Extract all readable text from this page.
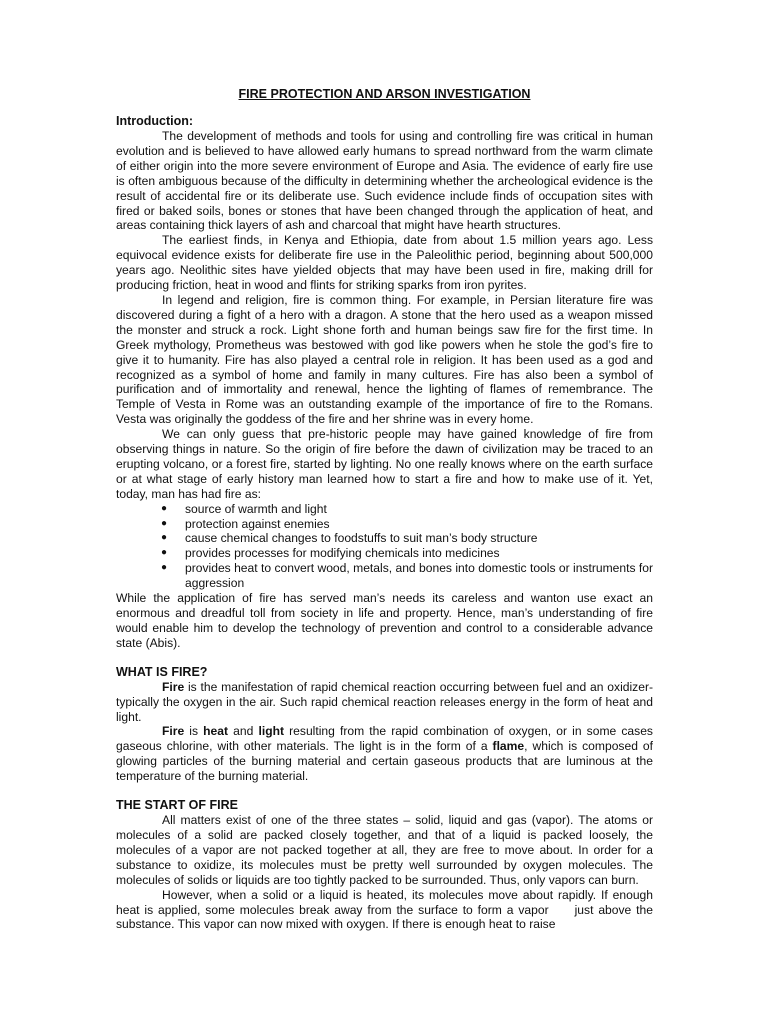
FIRE PROTECTION AND ARSON INVESTIGATION
Introduction:

The development of methods and tools for using and controlling fire was critical in human evolution and is believed to have allowed early humans to spread northward from the warm climate of either origin into the more severe environment of Europe and Asia. The evidence of early fire use is often ambiguous because of the difficulty in determining whether the archeological evidence is the result of accidental fire or its deliberate use. Such evidence include finds of occupation sites with fired or baked soils, bones or stones that have been changed through the application of heat, and areas containing thick layers of ash and charcoal that might have hearth structures.

The earliest finds, in Kenya and Ethiopia, date from about 1.5 million years ago. Less equivocal evidence exists for deliberate fire use in the Paleolithic period, beginning about 500,000 years ago. Neolithic sites have yielded objects that may have been used in fire, making drill for producing friction, heat in wood and flints for striking sparks from iron pyrites.

In legend and religion, fire is common thing. For example, in Persian literature fire was discovered during a fight of a hero with a dragon. A stone that the hero used as a weapon missed the monster and struck a rock. Light shone forth and human beings saw fire for the first time. In Greek mythology, Prometheus was bestowed with god like powers when he stole the god’s fire to give it to humanity. Fire has also played a central role in religion. It has been used as a god and recognized as a symbol of home and family in many cultures. Fire has also been a symbol of purification and of immortality and renewal, hence the lighting of flames of remembrance. The Temple of Vesta in Rome was an outstanding example of the importance of fire to the Romans. Vesta was originally the goddess of the fire and her shrine was in every home.

We can only guess that pre-historic people may have gained knowledge of fire from observing things in nature. So the origin of fire before the dawn of civilization may be traced to an erupting volcano, or a forest fire, started by lighting. No one really knows where on the earth surface or at what stage of early history man learned how to start a fire and how to make use of it. Yet, today, man has had fire as:

● source of warmth and light
● protection against enemies
● cause chemical changes to foodstuffs to suit man’s body structure
● provides processes for modifying chemicals into medicines
● provides heat to convert wood, metals, and bones into domestic tools or instruments for aggression

While the application of fire has served man’s needs its careless and wanton use exact an enormous and dreadful toll from society in life and property. Hence, man’s understanding of fire would enable him to develop the technology of prevention and control to a considerable advance state (Abis).

WHAT IS FIRE?

Fire is the manifestation of rapid chemical reaction occurring between fuel and an oxidizer- typically the oxygen in the air. Such rapid chemical reaction releases energy in the form of heat and light.

Fire is heat and light resulting from the rapid combination of oxygen, or in some cases gaseous chlorine, with other materials. The light is in the form of a flame, which is composed of glowing particles of the burning material and certain gaseous products that are luminous at the temperature of the burning material.

THE START OF FIRE

All matters exist of one of the three states – solid, liquid and gas (vapor). The atoms or molecules of a solid are packed closely together, and that of a liquid is packed loosely, the molecules of a vapor are not packed together at all, they are free to move about. In order for a substance to oxidize, its molecules must be pretty well surrounded by oxygen molecules. The molecules of solids or liquids are too tightly packed to be surrounded. Thus, only vapors can burn.

However, when a solid or a liquid is heated, its molecules move about rapidly. If enough heat is applied, some molecules break away from the surface to form a vapor just above the substance. This vapor can now mixed with oxygen. If there is enough heat to raise
